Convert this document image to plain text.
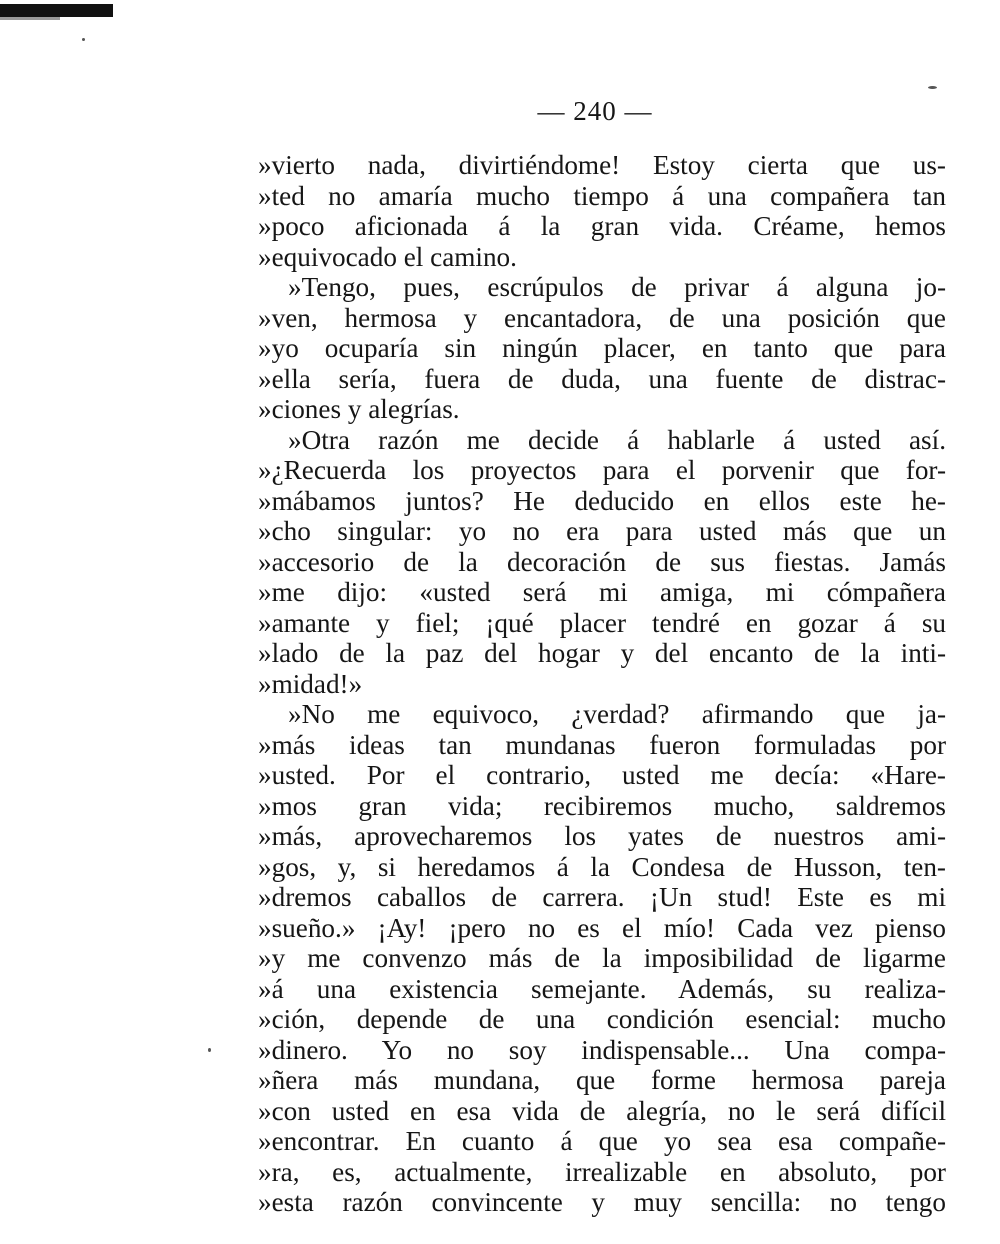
— 240 —
»vierto nada, divirtiéndome! Estoy cierta que us-
»ted no amaría mucho tiempo á una compañera tan
»poco aficionada á la gran vida. Créame, hemos
»equivocado el camino.
»Tengo, pues, escrúpulos de privar á alguna jo-
»ven, hermosa y encantadora, de una posición que
»yo ocuparía sin ningún placer, en tanto que para
»ella sería, fuera de duda, una fuente de distrac-
»ciones y alegrías.
»Otra razón me decide á hablarle á usted así.
»¿Recuerda los proyectos para el porvenir que for-
»mábamos juntos? He deducido en ellos este he-
»cho singular: yo no era para usted más que un
»accesorio de la decoración de sus fiestas. Jamás
»me dijo: «usted será mi amiga, mi cómpañera
»amante y fiel; ¡qué placer tendré en gozar á su
»lado de la paz del hogar y del encanto de la inti-
»midad!»
»No me equivoco, ¿verdad? afirmando que ja-
»más ideas tan mundanas fueron formuladas por
»usted. Por el contrario, usted me decía: «Hare-
»mos gran vida; recibiremos mucho, saldremos
»más, aprovecharemos los yates de nuestros ami-
»gos, y, si heredamos á la Condesa de Husson, ten-
»dremos caballos de carrera. ¡Un stud! Este es mi
»sueño.» ¡Ay! ¡pero no es el mío! Cada vez pienso
»y me convenzo más de la imposibilidad de ligarme
»á una existencia semejante. Además, su realiza-
»ción, depende de una condición esencial: mucho
»dinero. Yo no soy indispensable... Una compa-
»ñera más mundana, que forme hermosa pareja
»con usted en esa vida de alegría, no le será difícil
»encontrar. En cuanto á que yo sea esa compañe-
»ra, es, actualmente, irrealizable en absoluto, por
»esta razón convincente y muy sencilla: no tengo
